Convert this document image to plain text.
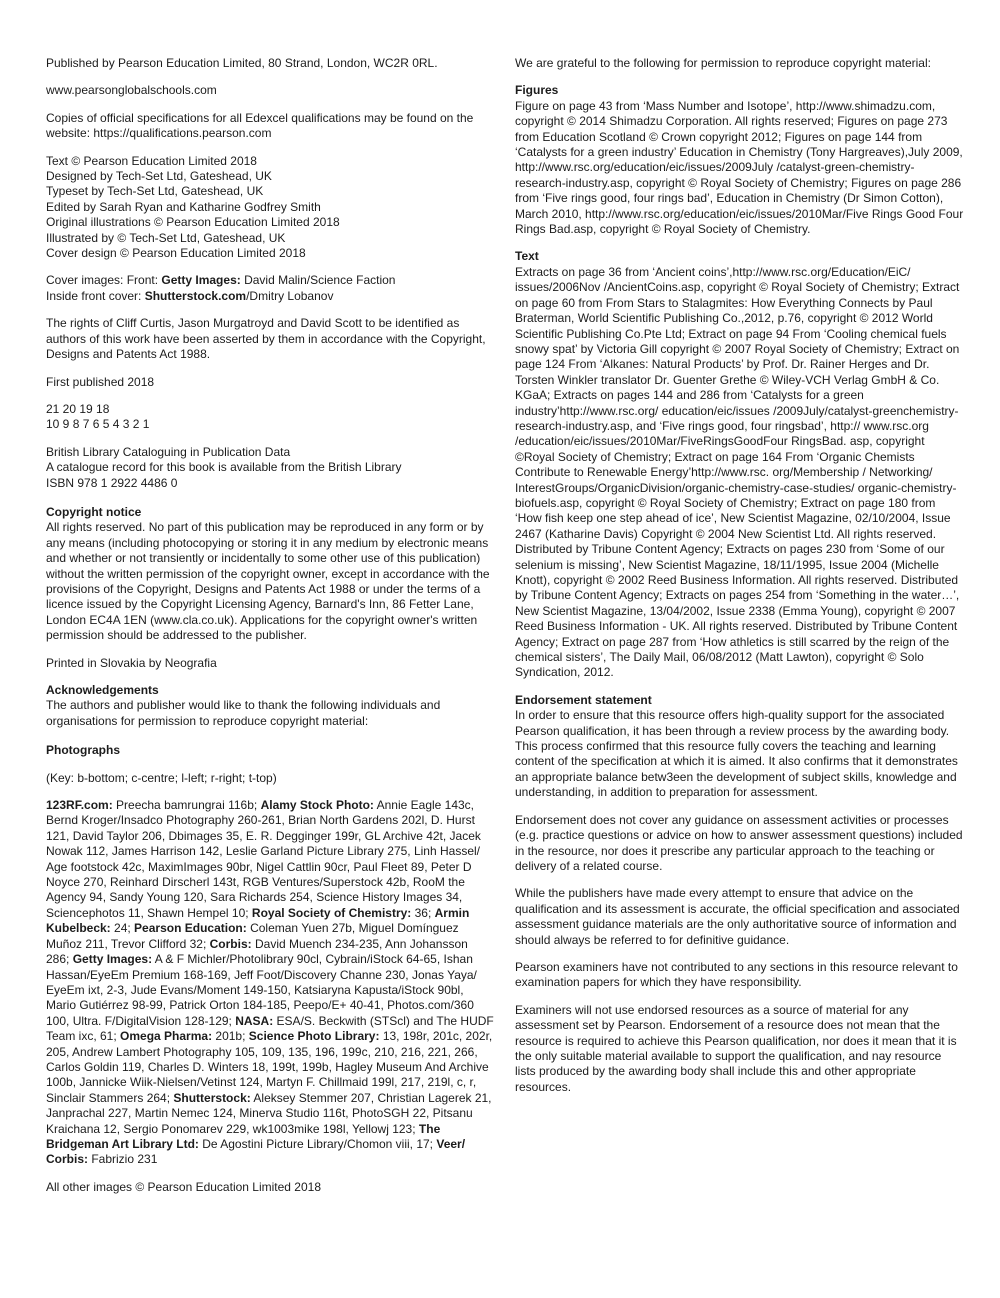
Published by Pearson Education Limited, 80 Strand, London, WC2R 0RL.

www.pearsonglobalschools.com

Copies of official specifications for all Edexcel qualifications may be found on the website: https://qualifications.pearson.com

Text © Pearson Education Limited 2018
Designed by Tech-Set Ltd, Gateshead, UK
Typeset by Tech-Set Ltd, Gateshead, UK
Edited by Sarah Ryan and Katharine Godfrey Smith
Original illustrations © Pearson Education Limited 2018
Illustrated by © Tech-Set Ltd, Gateshead, UK
Cover design © Pearson Education Limited 2018
Cover images: Front: Getty Images: David Malin/Science Faction
Inside front cover: Shutterstock.com/Dmitry Lobanov

The rights of Cliff Curtis, Jason Murgatroyd and David Scott to be identified as authors of this work have been asserted by them in accordance with the Copyright, Designs and Patents Act 1988.

First published 2018

21 20 19 18
10 9 8 7 6 5 4 3 2 1
British Library Cataloguing in Publication Data
A catalogue record for this book is available from the British Library
ISBN 978 1 2922 4486 0
Copyright notice

All rights reserved. No part of this publication may be reproduced in any form or by any means (including photocopying or storing it in any medium by electronic means and whether or not transiently or incidentally to some other use of this publication) without the written permission of the copyright owner, except in accordance with the provisions of the Copyright, Designs and Patents Act 1988 or under the terms of a licence issued by the Copyright Licensing Agency, Barnard's Inn, 86 Fetter Lane, London EC4A 1EN (www.cla.co.uk). Applications for the copyright owner's written permission should be addressed to the publisher.

Printed in Slovakia by Neografia

Acknowledgements

The authors and publisher would like to thank the following individuals and organisations for permission to reproduce copyright material:

Photographs

(Key: b-bottom; c-centre; l-left; r-right; t-top)

123RF.com: Preecha bamrungrai 116b; Alamy Stock Photo: Annie Eagle 143c, Bernd Kroger/Insadco Photography 260-261, Brian North Gardens 202l, D. Hurst 121, David Taylor 206, Dbimages 35, E. R. Degginger 199r, GL Archive 42t, Jacek Nowak 112, James Harrison 142, Leslie Garland Picture Library 275, Linh Hassel/ Age footstock 42c, MaximImages 90br, Nigel Cattlin 90cr, Paul Fleet 89, Peter D Noyce 270, Reinhard Dirscherl 143t, RGB Ventures/Superstock 42b, RooM the Agency 94, Sandy Young 120, Sara Richards 254, Science History Images 34, Sciencephotos 11, Shawn Hempel 10; Royal Society of Chemistry: 36; Armin Kubelbeck: 24; Pearson Education: Coleman Yuen 27b, Miguel Domínguez Muñoz 211, Trevor Clifford 32; Corbis: David Muench 234-235, Ann Johansson 286; Getty Images: A & F Michler/Photolibrary 90cl, Cybrain/iStock 64-65, Ishan Hassan/EyeEm Premium 168-169, Jeff Foot/Discovery Channe 230, Jonas Yaya/ EyeEm ixt, 2-3, Jude Evans/Moment 149-150, Katsiaryna Kapusta/iStock 90bl, Mario Gutiérrez 98-99, Patrick Orton 184-185, Peepo/E+ 40-41, Photos.com/360 100, Ultra. F/DigitalVision 128-129; NASA: ESA/S. Beckwith (STScl) and The HUDF Team ixc, 61; Omega Pharma: 201b; Science Photo Library: 13, 198r, 201c, 202r, 205, Andrew Lambert Photography 105, 109, 135, 196, 199c, 210, 216, 221, 266, Carlos Goldin 119, Charles D. Winters 18, 199t, 199b, Hagley Museum And Archive 100b, Jannicke Wiik-Nielsen/Vetinst 124, Martyn F. Chillmaid 199l, 217, 219l, c, r, Sinclair Stammers 264; Shutterstock: Aleksey Stemmer 207, Christian Lagerek 21, Janprachal 227, Martin Nemec 124, Minerva Studio 116t, PhotoSGH 22, Pitsanu Kraichana 12, Sergio Ponomarev 229, wk1003mike 198l, Yellowj 123; The Bridgeman Art Library Ltd: De Agostini Picture Library/Chomon viii, 17; Veer/ Corbis: Fabrizio 231

All other images © Pearson Education Limited 2018

We are grateful to the following for permission to reproduce copyright material:

Figures

Figure on page 43 from ‘Mass Number and Isotope’, http://www.shimadzu.com, copyright © 2014 Shimadzu Corporation. All rights reserved; Figures on page 273 from Education Scotland © Crown copyright 2012; Figures on page 144 from ‘Catalysts for a green industry’ Education in Chemistry (Tony Hargreaves),July 2009, http://www.rsc.org/education/eic/issues/2009July /catalyst-green-chemistry-research-industry.asp, copyright © Royal Society of Chemistry; Figures on page 286 from ‘Five rings good, four rings bad’, Education in Chemistry (Dr Simon Cotton), March 2010, http://www.rsc.org/education/eic/issues/2010Mar/Five Rings Good Four Rings Bad.asp, copyright © Royal Society of Chemistry.

Text

Extracts on page 36 from ‘Ancient coins’,http://www.rsc.org/Education/EiC/ issues/2006Nov /AncientCoins.asp, copyright © Royal Society of Chemistry; Extract on page 60 from From Stars to Stalagmites: How Everything Connects by Paul Braterman, World Scientific Publishing Co.,2012, p.76, copyright © 2012 World Scientific Publishing Co.Pte Ltd; Extract on page 94 From ‘Cooling chemical fuels snowy spat’ by Victoria Gill copyright © 2007 Royal Society of Chemistry; Extract on page 124 From ‘Alkanes: Natural Products’ by Prof. Dr. Rainer Herges and Dr. Torsten Winkler translator Dr. Guenter Grethe © Wiley-VCH Verlag GmbH & Co. KGaA; Extracts on pages 144 and 286 from ‘Catalysts for a green industry’http://www.rsc.org/ education/eic/issues /2009July/catalyst-greenchemistry-research-industry.asp, and ‘Five rings good, four ringsbad’, http:// www.rsc.org /education/eic/issues/2010Mar/FiveRingsGoodFour RingsBad. asp, copyright ©Royal Society of Chemistry; Extract on page 164 From ‘Organic Chemists Contribute to Renewable Energy’http://www.rsc. org/Membership / Networking/ InterestGroups/OrganicDivision/organic-chemistry-case-studies/ organic-chemistry-biofuels.asp, copyright © Royal Society of Chemistry; Extract on page 180 from ‘How fish keep one step ahead of ice’, New Scientist Magazine, 02/10/2004, Issue 2467 (Katharine Davis) Copyright © 2004 New Scientist Ltd. All rights reserved. Distributed by Tribune Content Agency; Extracts on pages 230 from ‘Some of our selenium is missing’, New Scientist Magazine, 18/11/1995, Issue 2004 (Michelle Knott), copyright © 2002 Reed Business Information. All rights reserved. Distributed by Tribune Content Agency; Extracts on pages 254 from ‘Something in the water…’, New Scientist Magazine, 13/04/2002, Issue 2338 (Emma Young), copyright © 2007 Reed Business Information - UK. All rights reserved. Distributed by Tribune Content Agency; Extract on page 287 from ‘How athletics is still scarred by the reign of the chemical sisters’, The Daily Mail, 06/08/2012 (Matt Lawton), copyright © Solo Syndication, 2012.

Endorsement statement

In order to ensure that this resource offers high-quality support for the associated Pearson qualification, it has been through a review process by the awarding body. This process confirmed that this resource fully covers the teaching and learning content of the specification at which it is aimed. It also confirms that it demonstrates an appropriate balance betw3een the development of subject skills, knowledge and understanding, in addition to preparation for assessment.

Endorsement does not cover any guidance on assessment activities or processes (e.g. practice questions or advice on how to answer assessment questions) included in the resource, nor does it prescribe any particular approach to the teaching or delivery of a related course.

While the publishers have made every attempt to ensure that advice on the qualification and its assessment is accurate, the official specification and associated assessment guidance materials are the only authoritative source of information and should always be referred to for definitive guidance.

Pearson examiners have not contributed to any sections in this resource relevant to examination papers for which they have responsibility.

Examiners will not use endorsed resources as a source of material for any assessment set by Pearson. Endorsement of a resource does not mean that the resource is required to achieve this Pearson qualification, nor does it mean that it is the only suitable material available to support the qualification, and nay resource lists produced by the awarding body shall include this and other appropriate resources.
